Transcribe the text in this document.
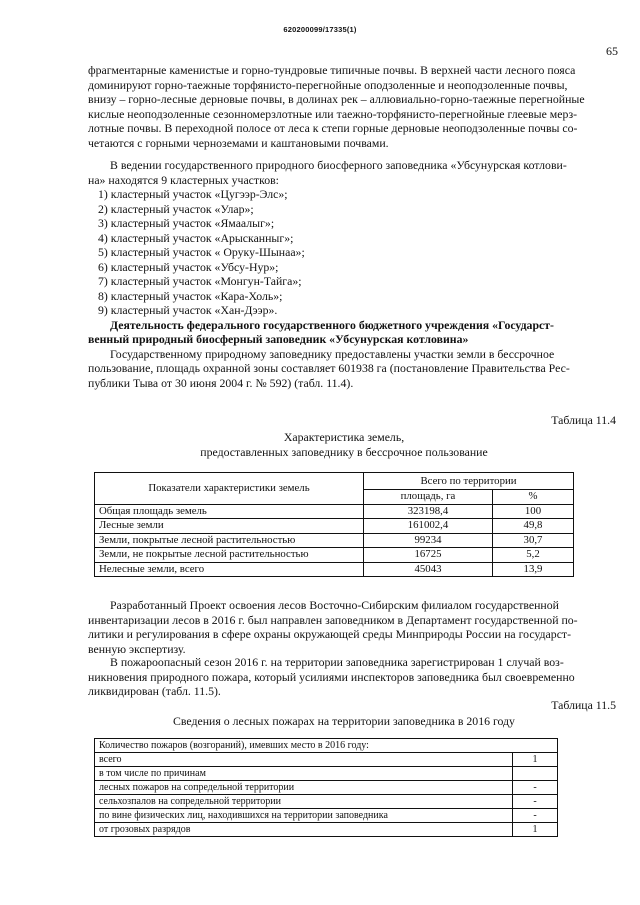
620200099/17335(1)
65

фрагментарные каменистые и горно-тундровые типичные почвы. В верхней части лесного пояса

доминируют горно-таежные торфянисто-перегнойные оподзоленные и неоподзоленные почвы,

внизу – горно-лесные дерновые почвы, в долинах рек – аллювиально-горно-таежные перегнойные

кислые неоподзоленные сезонномерзлотные или таежно-торфянисто-перегнойные глеевые мерз-

лотные почвы. В переходной полосе от леса к степи горные дерновые неоподзоленные почвы со-

четаются с горными черноземами и каштановыми почвами.

В ведении государственного природного биосферного заповедника «Убсунурская котлови-

на» находятся 9 кластерных участков:

1) кластерный участок «Цугээр-Элс»;

2) кластерный участок «Улар»;

3) кластерный участок «Ямаалыг»;

4) кластерный участок «Арысканныг»;

5) кластерный участок « Оруку-Шынаа»;

6) кластерный участок «Убсу-Нур»;

7) кластерный участок «Монгун-Тайга»;

8) кластерный участок «Кара-Холь»;

9) кластерный участок «Хан-Дээр».

Деятельность федерального государственного бюджетного учреждения «Государст-

венный природный биосферный заповедник «Убсунурская котловина»

Государственному природному заповеднику предоставлены участки земли в бессрочное

пользование, площадь охранной зоны составляет 601938 га (постановление Правительства Рес-

публики Тыва от 30 июня 2004 г. № 592) (табл. 11.4).

Таблица 11.4
Характеристика земель,
предоставленных заповеднику в бессрочное пользование
Показатели характеристики земель	Всего по территории	
	площадь, га	%
Общая площадь земель	323198,4	100
Лесные земли	161002,4	49,8
Земли, покрытые лесной растительностью	99234	30,7
Земли, не покрытые лесной растительностью	16725	5,2
Нелесные земли, всего	45043	13,9
Разработанный Проект освоения лесов Восточно-Сибирским филиалом государственной
инвентаризации лесов в 2016 г. был направлен заповедником в Департамент государственной по-
литики и регулирования в сфере охраны окружающей среды Минприроды России на государст-
венную экспертизу.
В пожароопасный сезон 2016 г. на территории заповедника зарегистрирован 1 случай воз-
никновения природного пожара, который усилиями инспекторов заповедника был своевременно
ликвидирован (табл. 11.5).
Таблица 11.5
Сведения о лесных пожарах на территории заповедника в 2016 году
Количество пожаров (возгораний), имевших место в 2016 году:	
всего	1
в том числе по причинам	
лесных пожаров на сопредельной территории	-
сельхозпалов на сопредельной территории	-
по вине физических лиц, находившихся на территории заповедника	-
от грозовых разрядов	1
